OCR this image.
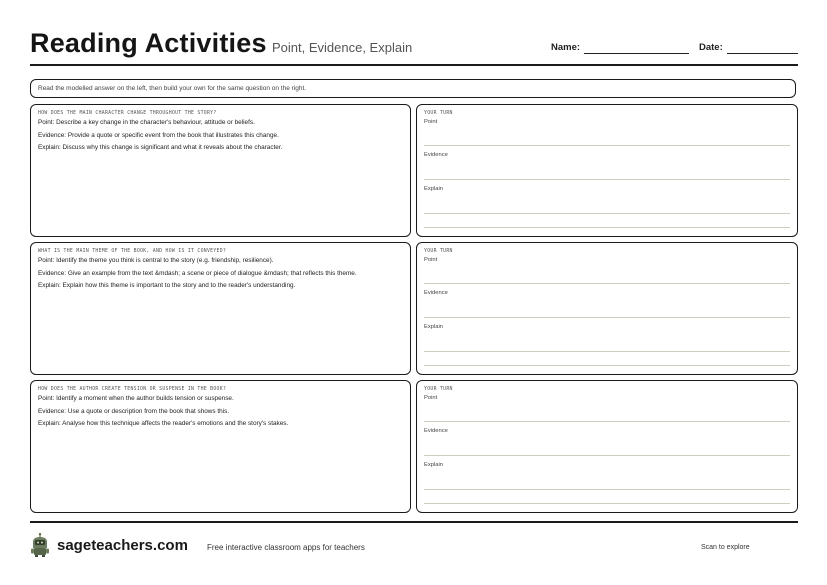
Reading Activities Point, Evidence, Explain	Name:	Date:
Read the modelled answer on the left, then build your own for the same question on the right.
HOW DOES THE MAIN CHARACTER CHANGE THROUGHOUT THE STORY?
Point: Describe a key change in the character's behaviour, attitude or beliefs.
Evidence: Provide a quote or specific event from the book that illustrates this change.
Explain: Discuss why this change is significant and what it reveals about the character.
YOUR TURN
Point
Evidence
Explain
WHAT IS THE MAIN THEME OF THE BOOK, AND HOW IS IT CONVEYED?
Point: Identify the theme you think is central to the story (e.g. friendship, resilience).
Evidence: Give an example from the text &mdash; a scene or piece of dialogue &mdash; that reflects this theme.
Explain: Explain how this theme is important to the story and to the reader's understanding.
YOUR TURN
Point
Evidence
Explain
HOW DOES THE AUTHOR CREATE TENSION OR SUSPENSE IN THE BOOK?
Point: Identify a moment when the author builds tension or suspense.
Evidence: Use a quote or description from the book that shows this.
Explain: Analyse how this technique affects the reader's emotions and the story's stakes.
YOUR TURN
Point
Evidence
Explain
sageteachers.com Free interactive classroom apps for teachers	Scan to explore
